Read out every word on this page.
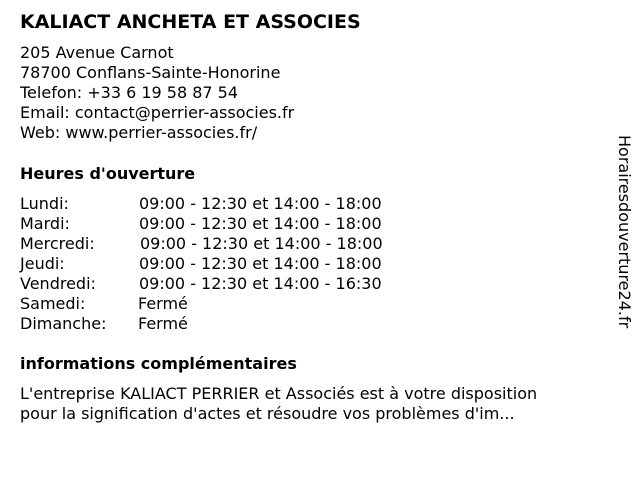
KALIACT ANCHETA ET ASSOCIES
205 Avenue Carnot
78700 Conflans-Sainte-Honorine
Telefon: +33 6 19 58 87 54
Email: contact@perrier-associes.fr
Web: www.perrier-associes.fr/
Heures d'ouverture
Lundi:	09:00 - 12:30 et 14:00 - 18:00
Mardi:	09:00 - 12:30 et 14:00 - 18:00
Mercredi:	09:00 - 12:30 et 14:00 - 18:00
Jeudi:	09:00 - 12:30 et 14:00 - 18:00
Vendredi:	09:00 - 12:30 et 14:00 - 16:30
Samedi:	Fermé
Dimanche: Fermé
informations complémentaires
L'entreprise KALIACT PERRIER et Associés est à votre disposition
pour la signification d'actes et résoudre vos problèmes d'im...
Horairesdouverture24.fr
